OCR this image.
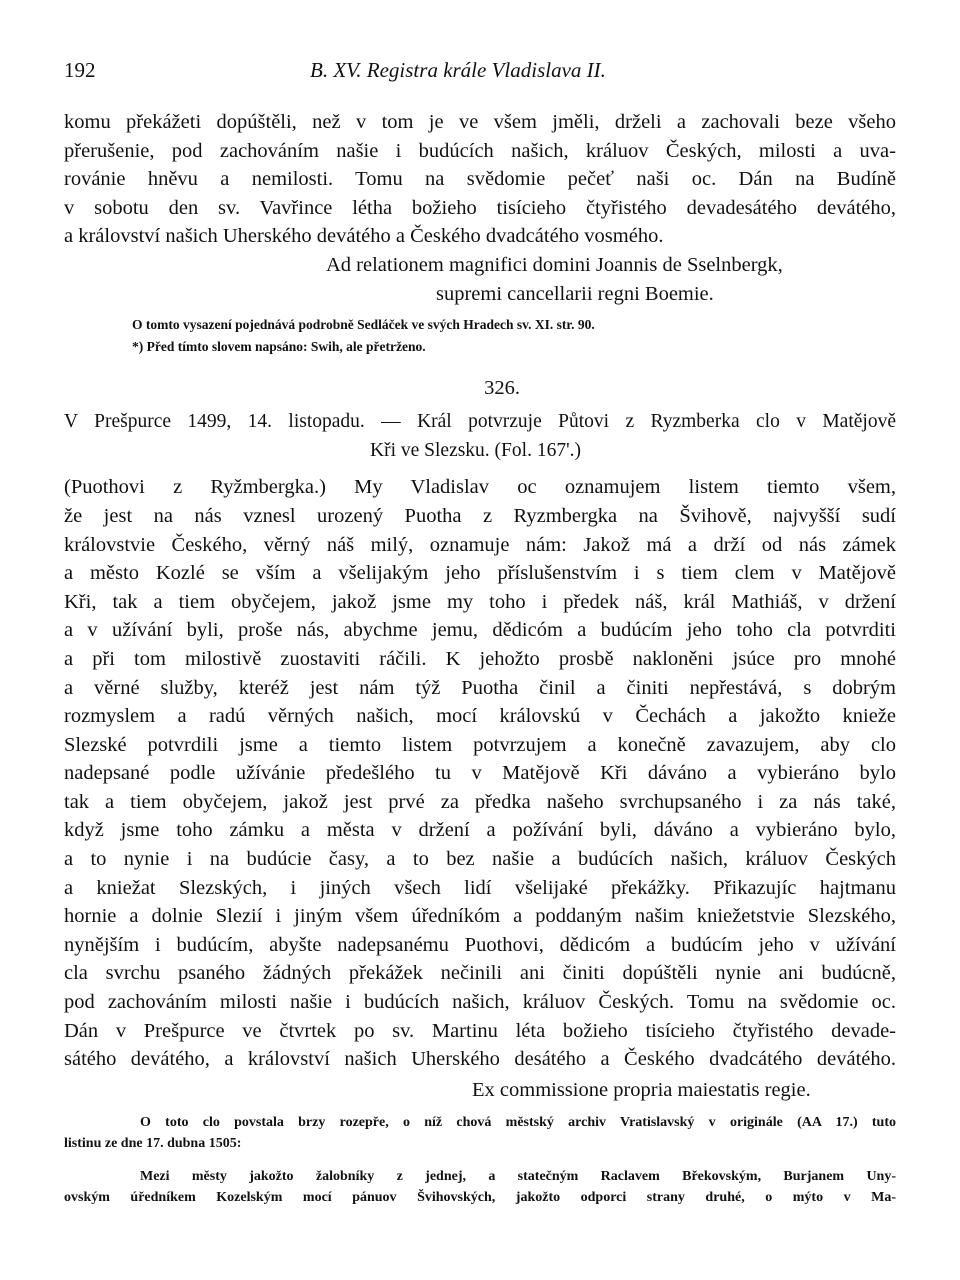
192	B. XV. Registra krále Vladislava II.
komu překážeti dopúštěli, než v tom je ve všem jměli, drželi a zachovali beze všeho
přerušenie, pod zachováním našie i budúcích našich, králuov Českých, milosti a uva-
rovánie hněvu a nemilosti. Tomu na svědomie pečeť naši oc. Dán na Budíně
v sobotu den sv. Vavřince létha božieho tisícieho čtyřistého devadesátého devátého,
a království našich Uherského devátého a Českého dvadcátého vosmého.
Ad relationem magnifici domini Joannis de Sselnbergk,
supremi cancellarii regni Boemie.
O tomto vysazení pojednává podrobně Sedláček ve svých Hradech sv. XI. str. 90.
*) Před tímto slovem napsáno: Swih, ale přetrženo.
326.
V Prešpurce 1499, 14. listopadu. — Král potvrzuje Půtovi z Ryzmberka clo v Matějově
Kři ve Slezsku. (Fol. 167'.)
(Puothovi z Ryžmbergka.) My Vladislav oc oznamujem listem tiemto všem,
že jest na nás vznesl urozený Puotha z Ryzmbergka na Švihově, najvyšší sudí
královstvie Českého, věrný náš milý, oznamuje nám: Jakož má a drží od nás zámek
a město Kozlé se vším a všelijakým jeho příslušenstvím i s tiem clem v Matějově
Kři, tak a tiem obyčejem, jakož jsme my toho i předek náš, král Mathiáš, v držení
a v užívání byli, proše nás, abychme jemu, dědicóm a budúcím jeho toho cla potvrditi
a při tom milostivě zuostaviti ráčili. K jehožto prosbě nakloněni jsúce pro mnohé
a věrné služby, kteréž jest nám týž Puotha činil a činiti nepřestává, s dobrým
rozmyslem a radú věrných našich, mocí královskú v Čechách a jakožto knieže
Slezské potvrdili jsme a tiemto listem potvrzujem a konečně zavazujem, aby clo
nadepsané podle užívánie předešlého tu v Matějově Kři dáváno a vybieráno bylo
tak a tiem obyčejem, jakož jest prvé za předka našeho svrchupsaného i za nás také,
když jsme toho zámku a města v držení a požívání byli, dáváno a vybieráno bylo,
a to nynie i na budúcie časy, a to bez našie a budúcích našich, králuov Českých
a kniežat Slezských, i jiných všech lidí všelijaké překážky. Přikazujíc hajtmanu
hornie a dolnie Slezií i jiným všem úředníkóm a poddaným našim kniežetstvie Slezského,
nynějším i budúcím, abyšte nadepsanému Puothovi, dědicóm a budúcím jeho v užívání
cla svrchu psaného žádných překážek nečinili ani činiti dopúštěli nynie ani budúcně,
pod zachováním milosti našie i budúcích našich, králuov Českých. Tomu na svědomie oc.
Dán v Prešpurce ve čtvrtek po sv. Martinu léta božieho tisícieho čtyřistého devade-
sátého devátého, a království našich Uherského desátého a Českého dvadcátého devátého.
Ex commissione propria maiestatis regie.
O toto clo povstala brzy rozepře, o níž chová městský archiv Vratislavský v originále (AA 17.) tuto
listinu ze dne 17. dubna 1505:
Mezi městy jakožto žalobníky z jednej, a statečným Raclavem Břekovským, Burjanem Uny-
ovským úředníkem Kozelským mocí pánuov Švihovských, jakožto odporci strany druhé, o mýto v Ma-
